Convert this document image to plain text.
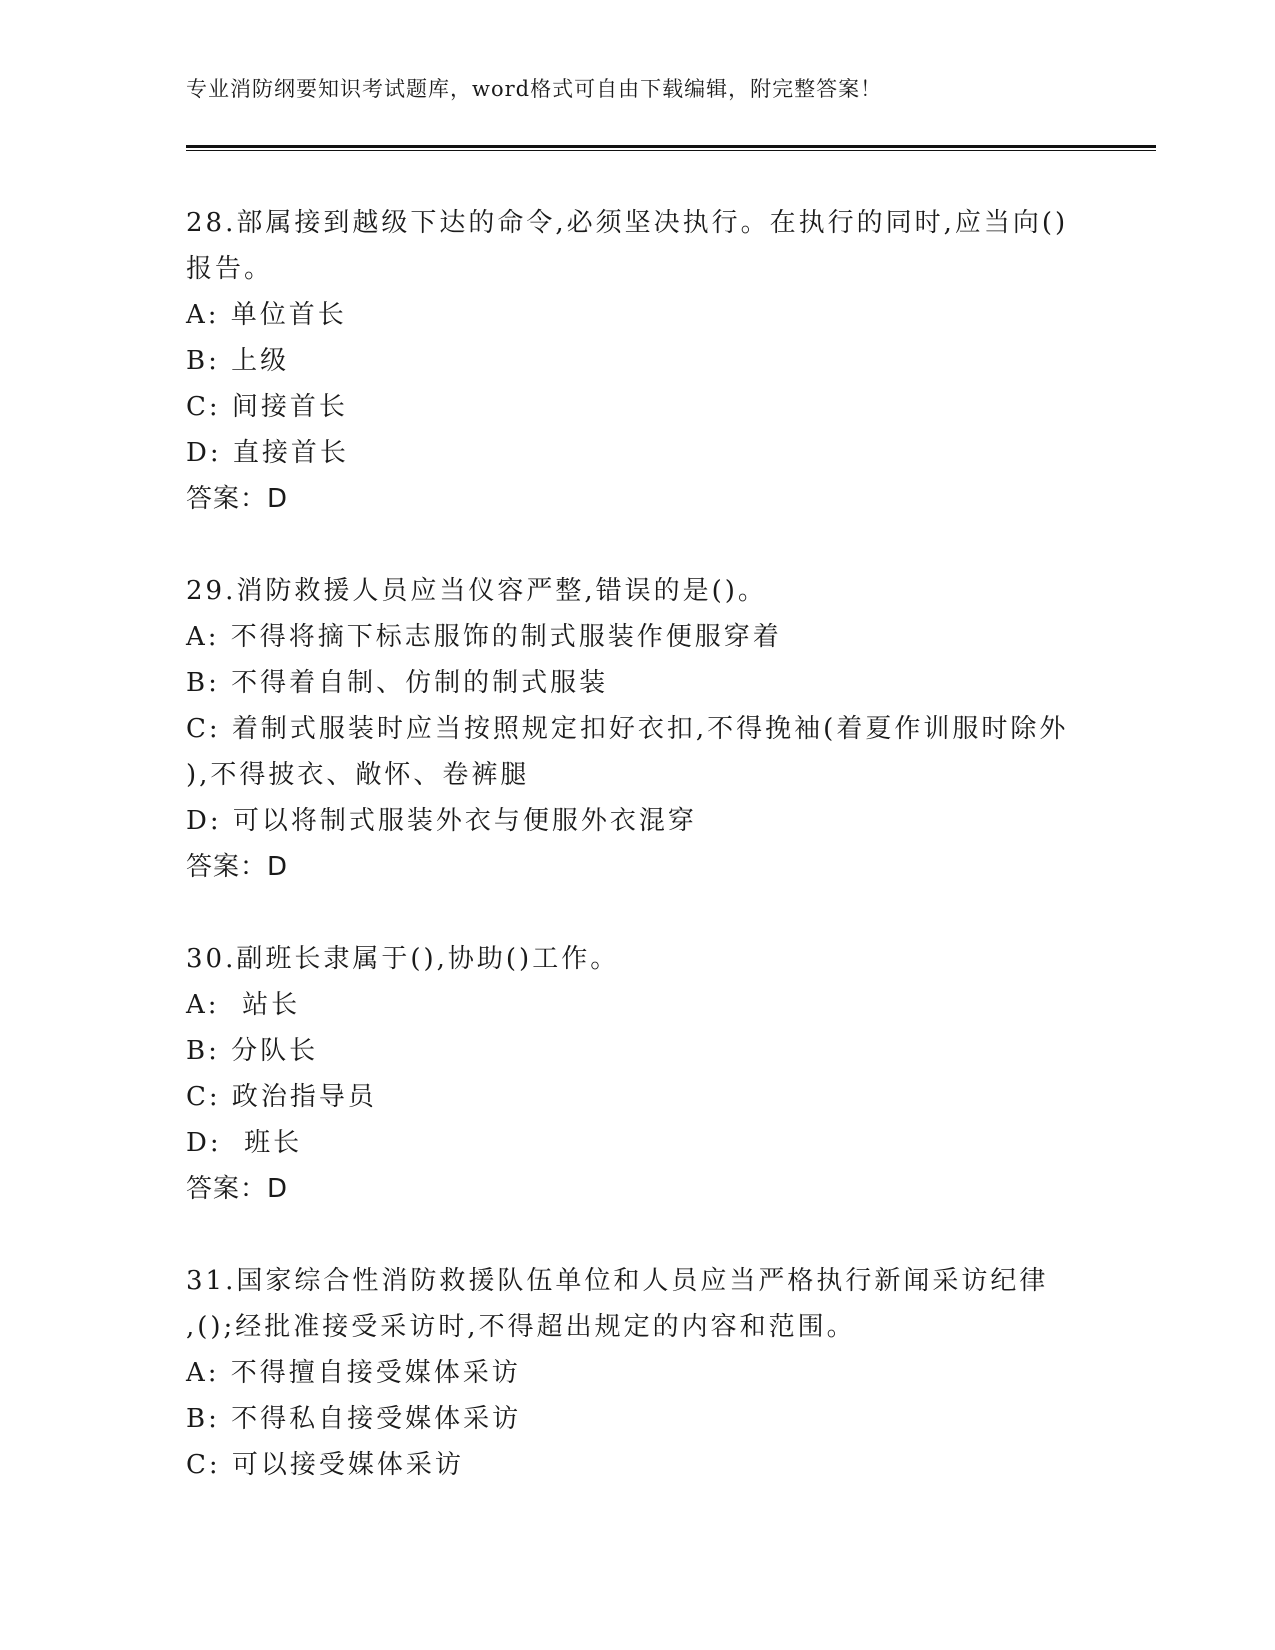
专业消防纲要知识考试题库，word格式可自由下载编辑，附完整答案！

28.部属接到越级下达的命令,必须坚决执行。在执行的同时,应当向()

报告。

A: 单位首长

B: 上级

C: 间接首长

D: 直接首长

答案：D

29.消防救援人员应当仪容严整,错误的是()。

A: 不得将摘下标志服饰的制式服装作便服穿着

B: 不得着自制、仿制的制式服装

C: 着制式服装时应当按照规定扣好衣扣,不得挽袖(着夏作训服时除外

),不得披衣、敞怀、卷裤腿

D: 可以将制式服装外衣与便服外衣混穿

答案：D

30.副班长隶属于(),协助()工作。

A:  站长

B: 分队长

C: 政治指导员

D:  班长

答案：D

31.国家综合性消防救援队伍单位和人员应当严格执行新闻采访纪律

,();经批准接受采访时,不得超出规定的内容和范围。

A: 不得擅自接受媒体采访

B: 不得私自接受媒体采访

C: 可以接受媒体采访
